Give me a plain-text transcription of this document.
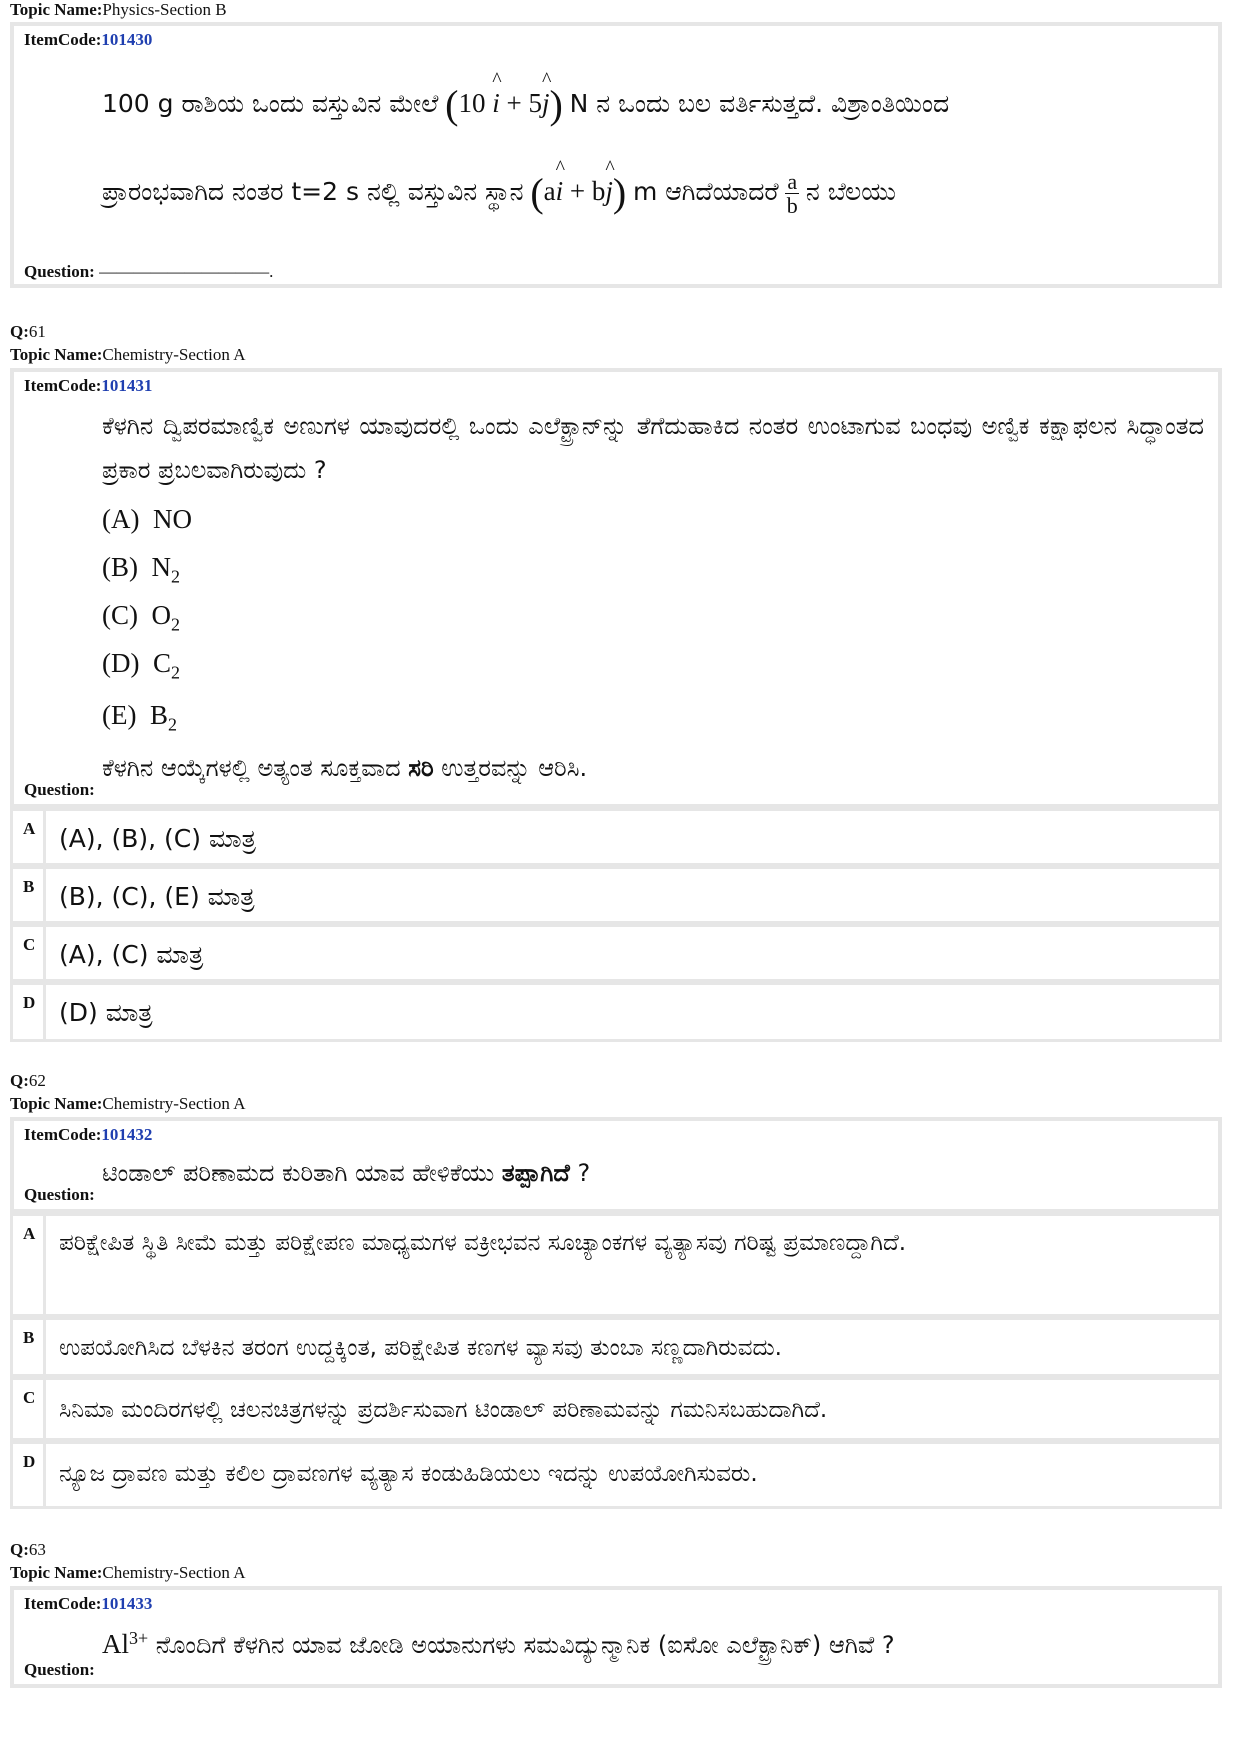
Topic Name:Physics-Section B
ItemCode:101430
100 g ರಾಶಿಯ ಒಂದು ವಸ್ತುವಿನ ಮೇಲೆ (10 ^ i + 5^ j) N ನ ಒಂದು ಬಲ ವರ್ತಿಸುತ್ತದೆ. ವಿಶ್ರಾಂತಿಯಿಂದ
ಪ್ರಾರಂಭವಾಗಿದ ನಂತರ t=2 s ನಲ್ಲಿ ವಸ್ತುವಿನ ಸ್ಥಾನ (a^ i + b^ j) m ಆಗಿದೆಯಾದರೆ $\frac{a}{b}$ ನ ಬೆಲಯು
Question: ——————————.
Q:61
Topic Name:Chemistry-Section A
ItemCode:101431
ಕೆಳಗಿನ ದ್ವಿಪರಮಾಣ್ವಿಕ ಅಣುಗಳ ಯಾವುದರಲ್ಲಿ ಒಂದು ಎಲೆಕ್ಟ್ರಾನ್‌ನ್ನು ತೆಗೆದುಹಾಕಿದ ನಂತರ ಉಂಟಾಗುವ ಬಂಧವು ಅಣ್ವಿಕ ಕಕ್ಷಾಫಲನ ಸಿದ್ಧಾಂತದ ಪ್ರಕಾರ ಪ್ರಬಲವಾಗಿರುವುದು ?
(A) NO
(B) $N_2$
(C) $O_2$
(D) $C_2$
(E) $B_2$
ಕೆಳಗಿನ ಆಯ್ಕೆಗಳಲ್ಲಿ ಅತ್ಯಂತ ಸೂಕ್ತವಾದ ಸರಿ ಉತ್ತರವನ್ನು ಆರಿಸಿ.
Question:
A (A), (B), (C) ಮಾತ್ರ
B (B), (C), (E) ಮಾತ್ರ
C (A), (C) ಮಾತ್ರ
D (D) ಮಾತ್ರ
Q:62
Topic Name:Chemistry-Section A
ItemCode:101432
ಟಿಂಡಾಲ್ ಪರಿಣಾಮದ ಕುರಿತಾಗಿ ಯಾವ ಹೇಳಿಕೆಯು ತಪ್ಪಾಗಿದೆ ?
Question:
A ಪರಿಕ್ಷೇಪಿತ ಸ್ಥಿತಿ ಸೀಮೆ ಮತ್ತು ಪರಿಕ್ಷೇಪಣ ಮಾಧ್ಯಮಗಳ ವಕ್ರೀಭವನ ಸೂಚ್ಯಾಂಕಗಳ ವ್ಯತ್ಯಾಸವು ಗರಿಷ್ಟ ಪ್ರಮಾಣದ್ದಾಗಿದೆ.
B ಉಪಯೋಗಿಸಿದ ಬೆಳಕಿನ ತರಂಗ ಉದ್ದಕ್ಕಿಂತ, ಪರಿಕ್ಷೇಪಿತ ಕಣಗಳ ವ್ಯಾಸವು ತುಂಬಾ ಸಣ್ಣದಾಗಿರುವದು.
C ಸಿನಿಮಾ ಮಂದಿರಗಳಲ್ಲಿ ಚಲನಚಿತ್ರಗಳನ್ನು ಪ್ರದರ್ಶಿಸುವಾಗ ಟಿಂಡಾಲ್ ಪರಿಣಾಮವನ್ನು ಗಮನಿಸಬಹುದಾಗಿದೆ.
D ನ್ಯೂ‍ಜ ದ್ರಾವಣ ಮತ್ತು ಕಲಿಲ ದ್ರಾವಣಗಳ ವ್ಯತ್ಯಾಸ ಕಂಡುಹಿಡಿಯಲು ಇದನ್ನು ಉಪಯೋಗಿಸುವರು.
Q:63
Topic Name:Chemistry-Section A
ItemCode:101433
$Al^{3+}$ ನೊಂದಿಗೆ ಕೆಳಗಿನ ಯಾವ ಜೋಡಿ ಅಯಾನುಗಳು ಸಮವಿದ್ಯುನ್ಮಾನಿಕ (ಐಸೋ ಎಲೆಕ್ಟ್ರಾನಿಕ್) ಆಗಿವೆ ?
Question:
